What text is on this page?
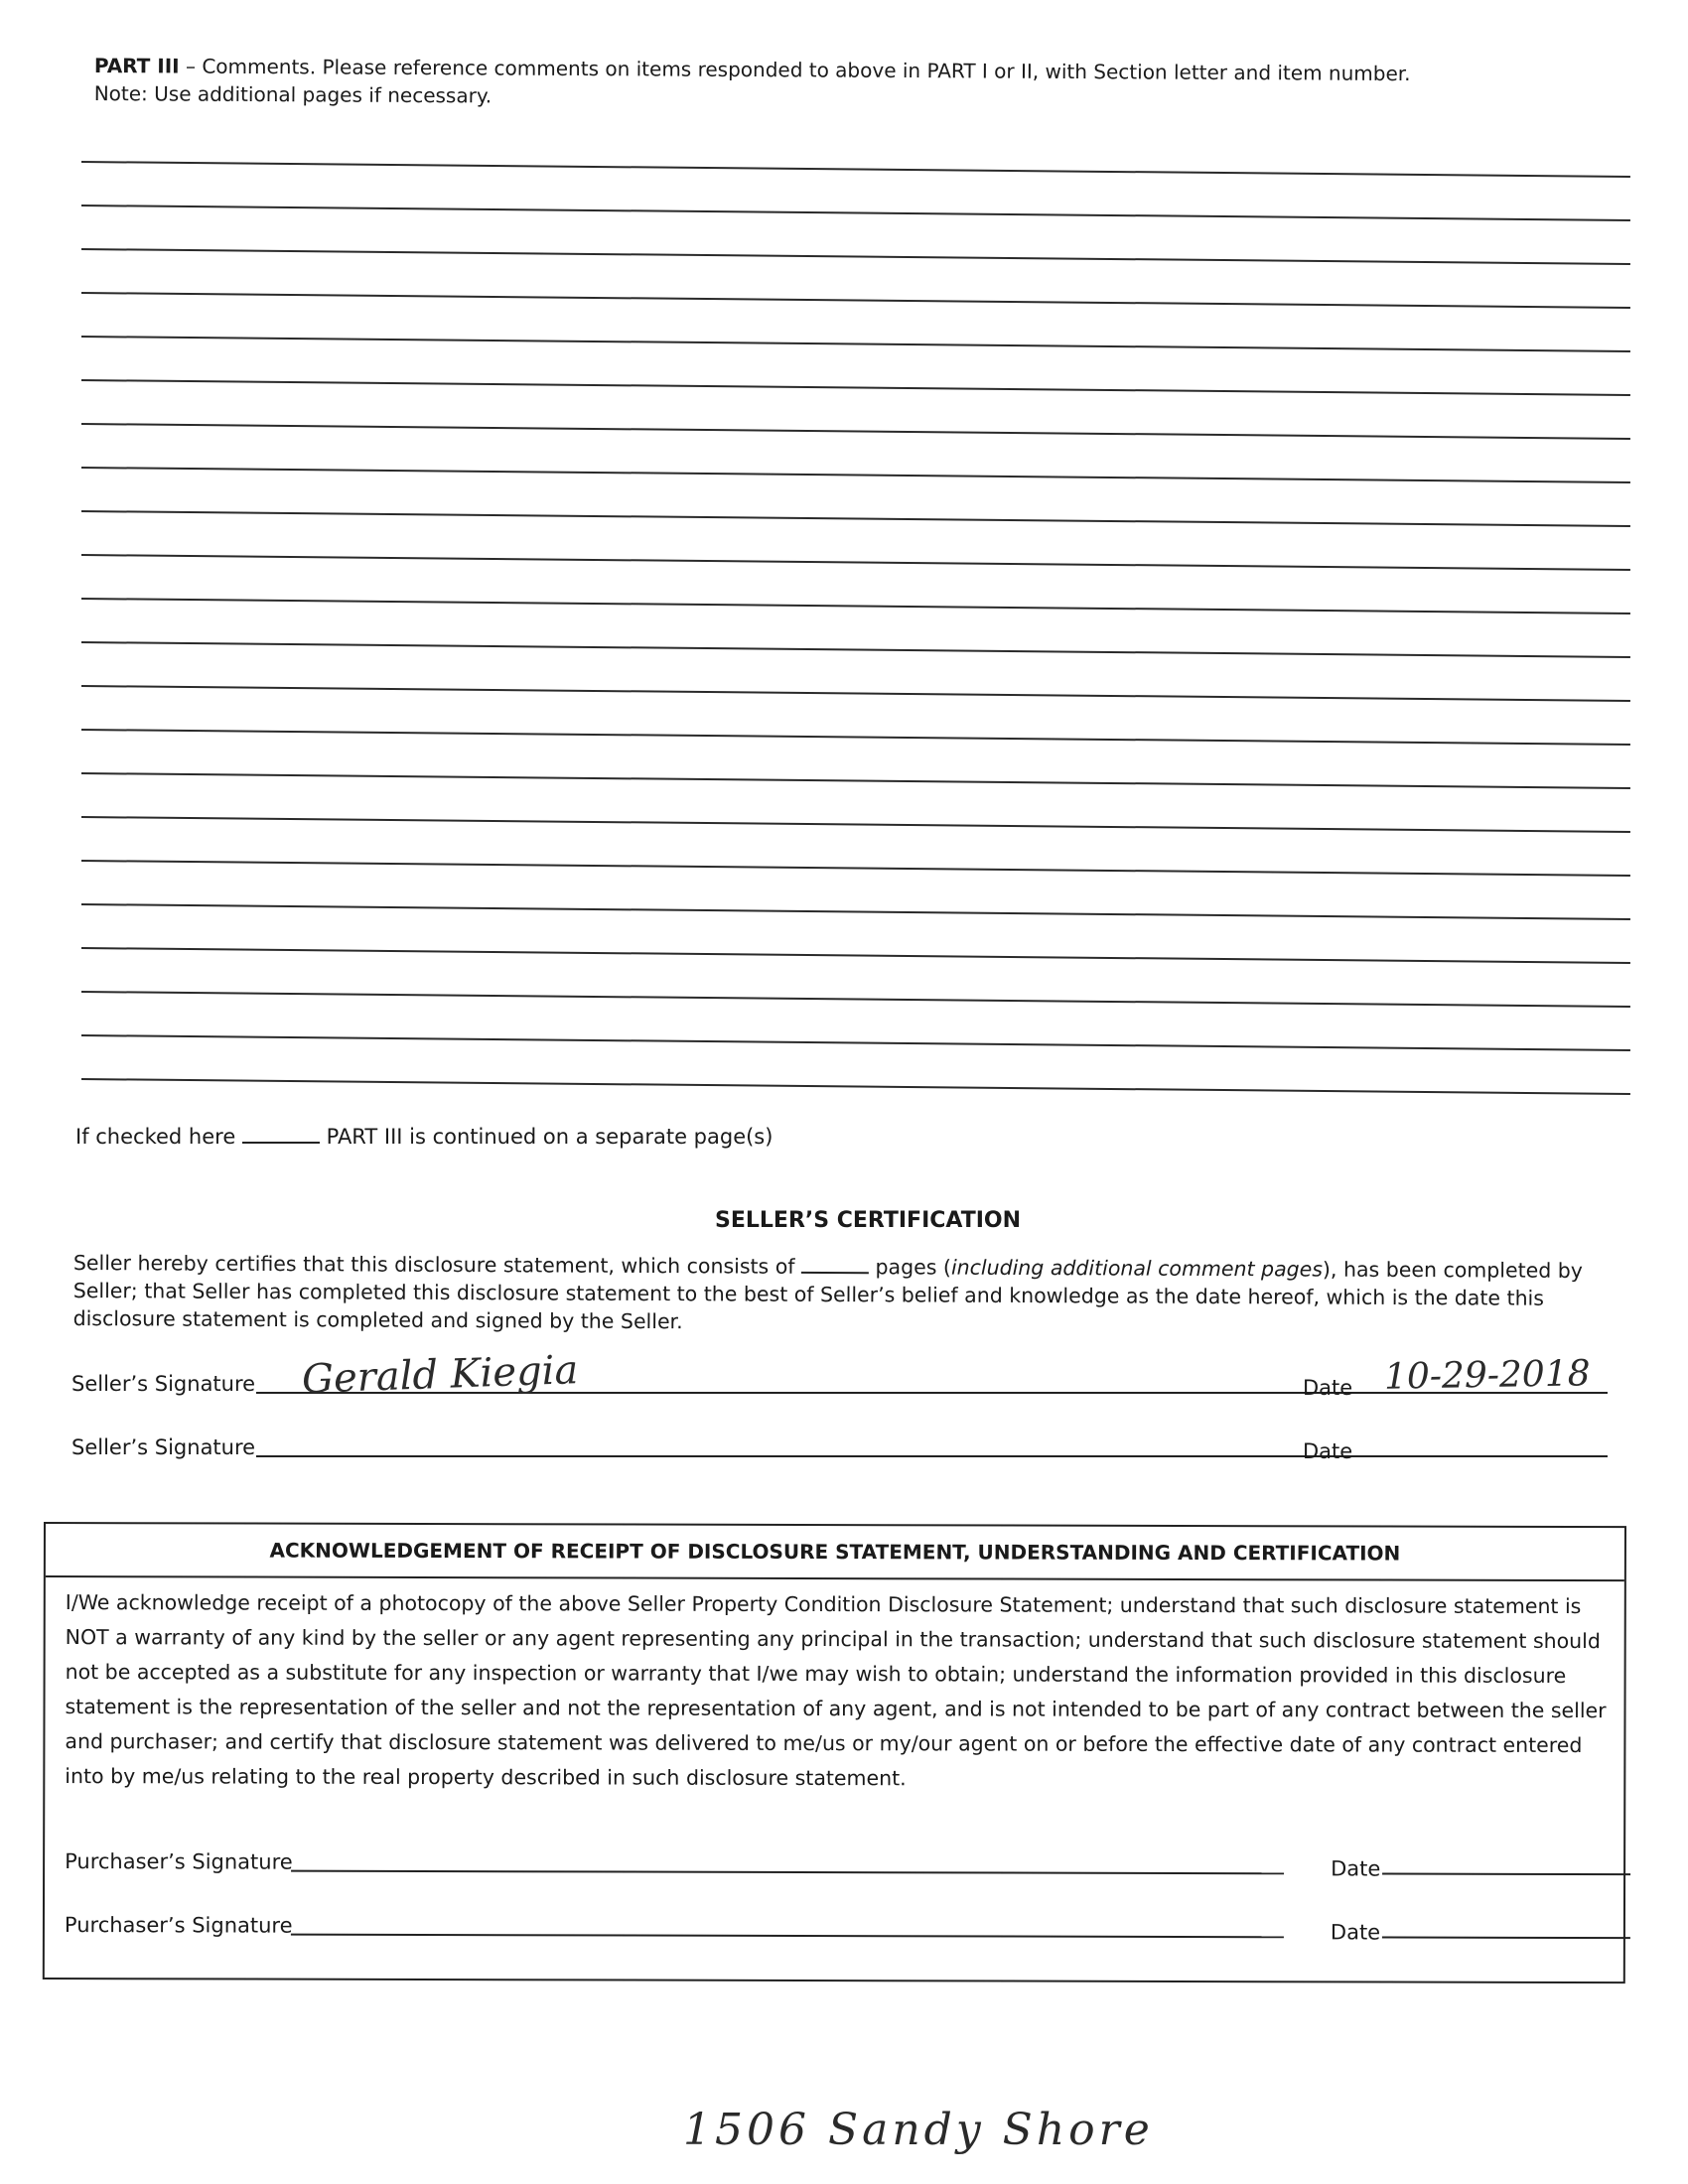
PART III – Comments. Please reference comments on items responded to above in PART I or II, with Section letter and item number.
Note: Use additional pages if necessary.
If checked here	PART III is continued on a separate page(s)
SELLER’S CERTIFICATION
Seller hereby certifies that this disclosure statement, which consists of	pages (including additional comment pages), has been completed by Seller; that Seller has completed this disclosure statement to the best of Seller’s belief and knowledge as the date hereof, which is the date this disclosure statement is completed and signed by the Seller.
Seller’s Signature Gerald Kiegia	Date 10-29-2018
Seller’s Signature	Date
ACKNOWLEDGEMENT OF RECEIPT OF DISCLOSURE STATEMENT, UNDERSTANDING AND CERTIFICATION
I/We acknowledge receipt of a photocopy of the above Seller Property Condition Disclosure Statement; understand that such disclosure statement is NOT a warranty of any kind by the seller or any agent representing any principal in the transaction; understand that such disclosure statement should not be accepted as a substitute for any inspection or warranty that I/we may wish to obtain; understand the information provided in this disclosure statement is the representation of the seller and not the representation of any agent, and is not intended to be part of any contract between the seller and purchaser; and certify that disclosure statement was delivered to me/us or my/our agent on or before the effective date of any contract entered into by me/us relating to the real property described in such disclosure statement.
Purchaser’s Signature	Date
Purchaser’s Signature	Date
1506 Sandy Shore
